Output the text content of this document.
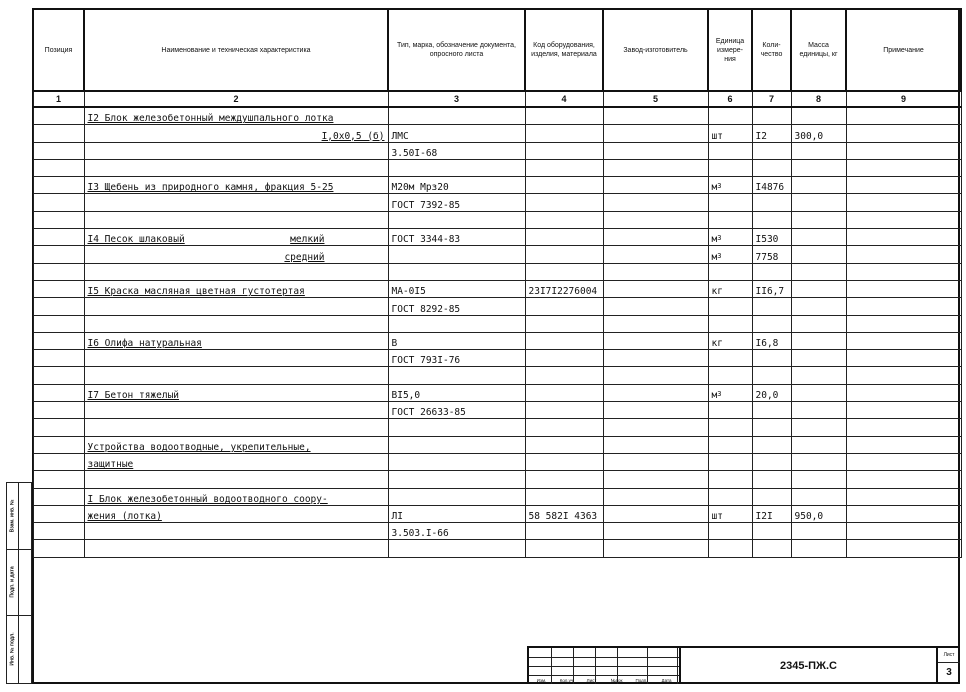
Позиция	Наименование и техническая характеристика	Тип, марка, обозначение документа, опросного листа	Код оборудования, изделия, материала	Завод-изготовитель	Единица измере-ния	Коли-чество	Масса единицы, кг	Примечание
1	2	3	4	5	6	7	8	9
	I2 Блок железобетонный междушпального лотка							
	I,0х0,5 (б)	ЛМС			шт	I2	300,0	
		3.50I-68						

	I3 Щебень из природного камня, фракция 5-25	М20м Мрз20			$м^3$	I4876		
		ГОСТ 7392-85						

	I4 Песок шлаковый мелкий	ГОСТ 3344-83			$м^3$	I530		

	средний				$м^3$	7758		

	I5 Краска масляная цветная густотертая	МА-0I5	23I7I2276004		кг	II6,7		
		ГОСТ 8292-85						

	I6 Олифа натуральная	В			кг	I6,8		
		ГОСТ 793I-76						

	I7 Бетон тяжелый	ВI5,0			$м^3$	20,0		
		ГОСТ 26633-85						

	Устройства водоотводные, укрепительные,							
	защитные							

	I Блок железобетонный водоотводного соору-							
	жения (лотка)	ЛI	58 582I 4363		шт	I2I	950,0	
		3.503.I-66						

Изм.	Кол.уч	Лист	№док	Подп.	Дата
2345-ПЖ.С
Лист
3
Взам. инв. №
Подп. и дата
Инв. № подл.
